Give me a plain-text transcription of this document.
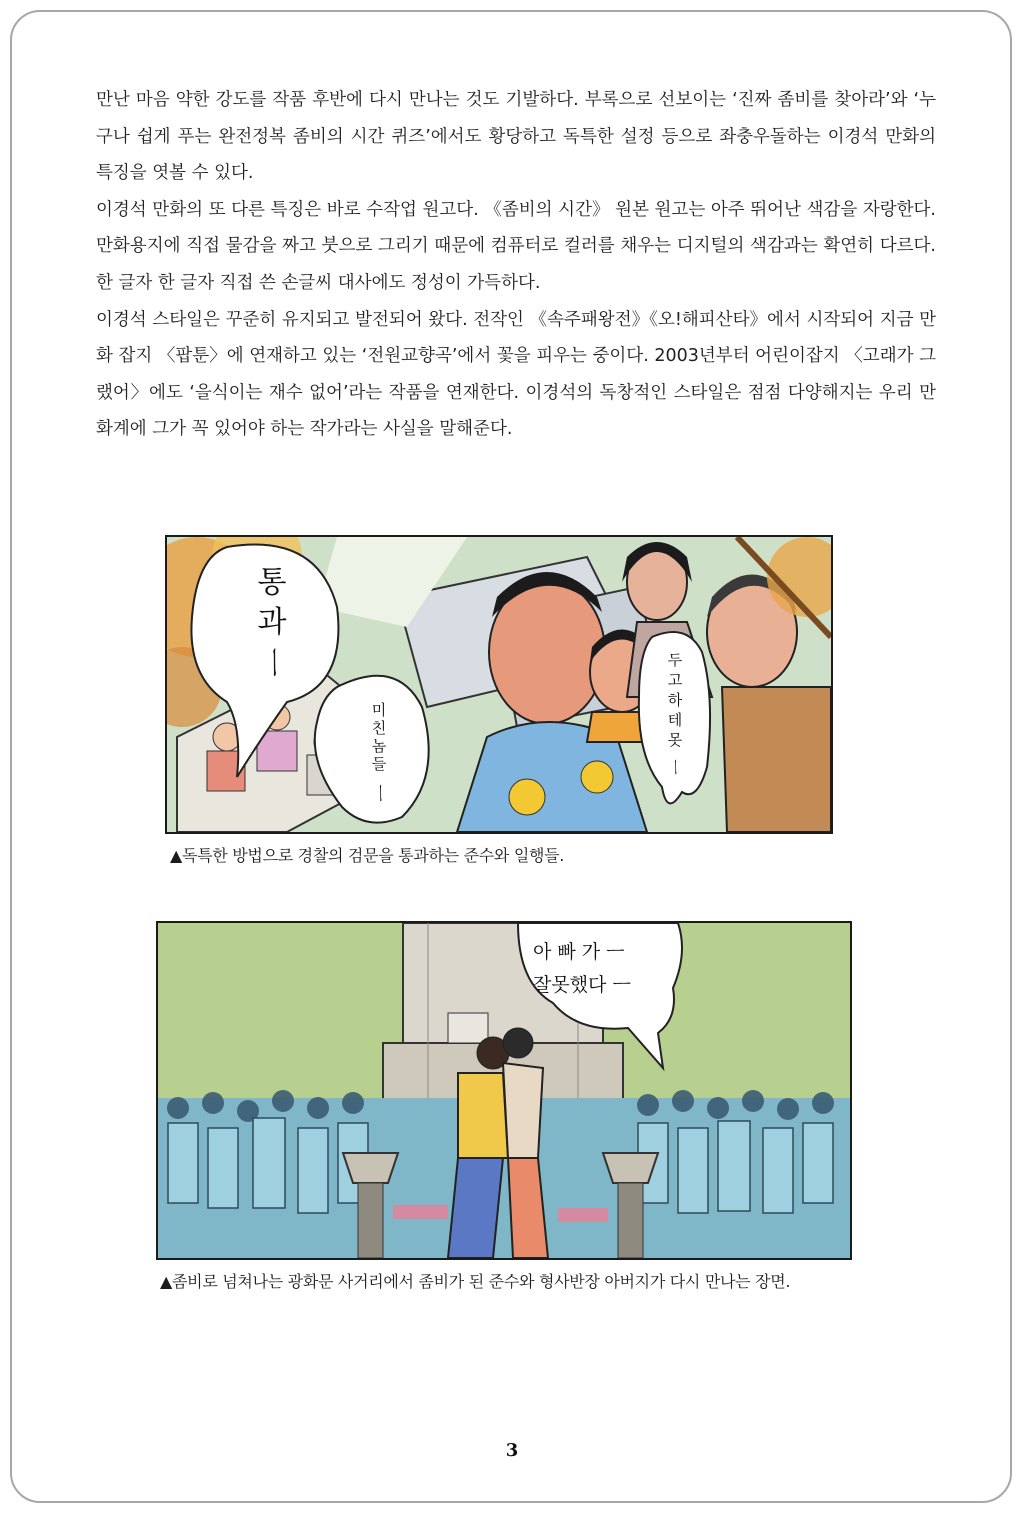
만난 마음 약한 강도를 작품 후반에 다시 만나는 것도 기발하다. 부록으로 선보이는 ‘진짜 좀비를 찾아라’와 ‘누구나 쉽게 푸는 완전정복 좀비의 시간 퀴즈’에서도 황당하고 독특한 설정 등으로 좌충우돌하는 이경석 만화의 특징을 엿볼 수 있다.

이경석 만화의 또 다른 특징은 바로 수작업 원고다. 《좀비의 시간》 원본 원고는 아주 뛰어난 색감을 자랑한다. 만화용지에 직접 물감을 짜고 붓으로 그리기 때문에 컴퓨터로 컬러를 채우는 디지털의 색감과는 확연히 다르다. 한 글자 한 글자 직접 쓴 손글씨 대사에도 정성이 가득하다.

이경석 스타일은 꾸준히 유지되고 발전되어 왔다. 전작인 《속주패왕전》《오!해피산타》에서 시작되어 지금 만화 잡지 〈팝툰〉에 연재하고 있는 ‘전원교향곡’에서 꽃을 피우는 중이다. 2003년부터 어린이잡지 〈고래가 그랬어〉에도 ‘을식이는 재수 없어’라는 작품을 연재한다. 이경석의 독창적인 스타일은 점점 다양해지는 우리 만화계에 그가 꼭 있어야 하는 작가라는 사실을 말해준다.

통
과
ㅡ
미
친
놈
들
ㅡ
두
고
하
테
못
ㅡ
▲독특한 방법으로 경찰의 검문을 통과하는 준수와 일행들.
아 빠 가 ㅡ
잘못했다 ㅡ
▲좀비로 넘쳐나는 광화문 사거리에서 좀비가 된 준수와 형사반장 아버지가 다시 만나는 장면.
3
